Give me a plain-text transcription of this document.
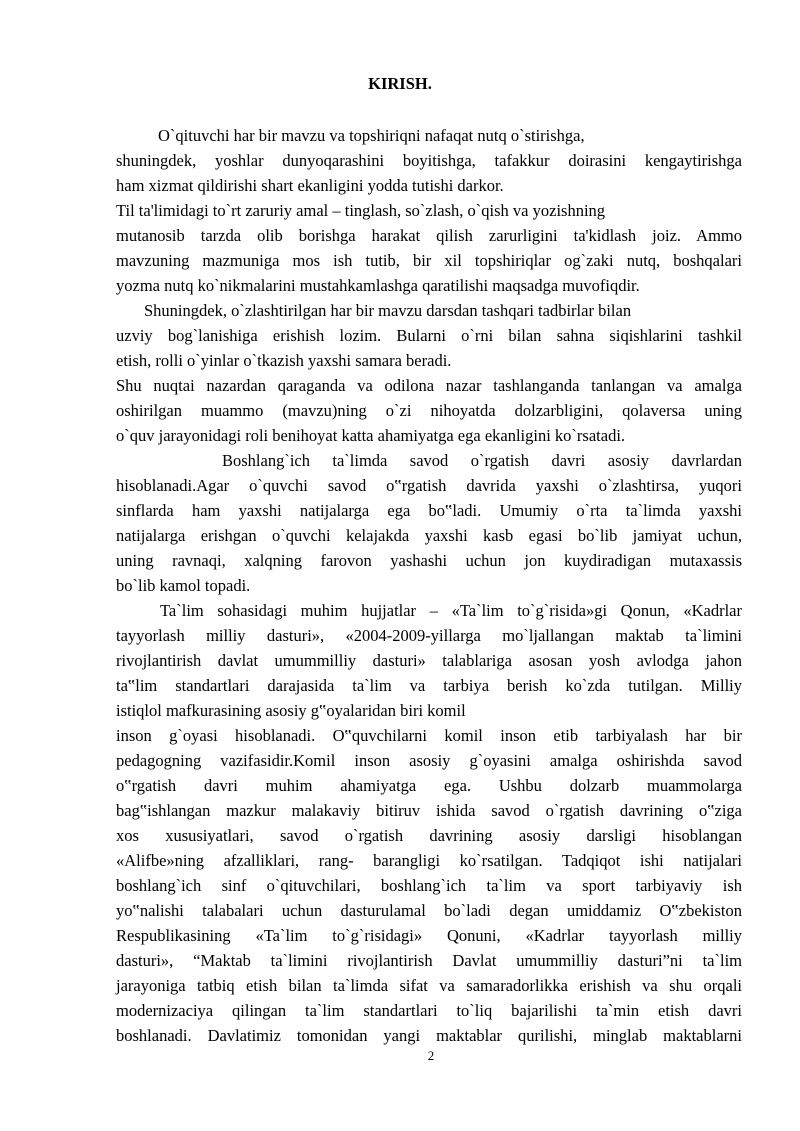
KIRISH.
O`qituvchi har bir mavzu va topshiriqni nafaqat nutq o`stirishga,
shuningdek, yoshlar dunyoqarashini boyitishga, tafakkur doirasini kengaytirishga
ham xizmat qildirishi shart ekanligini yodda tutishi darkor.
Til ta'limidagi to`rt zaruriy amal – tinglash, so`zlash, o`qish va yozishning
mutanosib tarzda olib borishga harakat qilish zarurligini ta'kidlash joiz. Ammo
mavzuning mazmuniga mos ish tutib, bir xil topshiriqlar og`zaki nutq, boshqalari
yozma nutq ko`nikmalarini mustahkamlashga qaratilishi maqsadga muvofiqdir.
Shuningdek, o`zlashtirilgan har bir mavzu darsdan tashqari tadbirlar bilan
uzviy bog`lanishiga erishish lozim. Bularni o`rni bilan sahna siqishlarini tashkil
etish, rolli o`yinlar o`tkazish yaxshi samara beradi.
Shu nuqtai nazardan qaraganda va odilona nazar tashlanganda tanlangan va amalga
oshirilgan muammo (mavzu)ning o`zi nihoyatda dolzarbligini, qolaversa uning
o`quv jarayonidagi roli benihoyat katta ahamiyatga ega ekanligini ko`rsatadi.
Boshlang`ich ta`limda savod o`rgatish davri asosiy davrlardan
hisoblanadi.Agar o`quvchi savod o‟rgatish davrida yaxshi o`zlashtirsa, yuqori
sinflarda ham yaxshi natijalarga ega bo‟ladi. Umumiy o`rta ta`limda yaxshi
natijalarga erishgan o`quvchi kelajakda yaxshi kasb egasi bo`lib jamiyat uchun,
uning ravnaqi, xalqning farovon yashashi uchun jon kuydiradigan mutaxassis
bo`lib kamol topadi.
Ta`lim sohasidagi muhim hujjatlar – «Ta`lim to`g`risida»gi Qonun, «Kadrlar
tayyorlash milliy dasturi», «2004-2009-yillarga mo`ljallangan maktab ta`limini
rivojlantirish davlat umummilliy dasturi» talablariga asosan yosh avlodga jahon
ta‟lim standartlari darajasida ta`lim va tarbiya berish ko`zda tutilgan. Milliy
istiqlol mafkurasining asosiy g‟oyalaridan biri komil
inson g`oyasi hisoblanadi. O‟quvchilarni komil inson etib tarbiyalash har bir
pedagogning vazifasidir.Komil inson asosiy g`oyasini amalga oshirishda savod
o‟rgatish davri muhim ahamiyatga ega. Ushbu dolzarb muammolarga
bag‟ishlangan mazkur malakaviy bitiruv ishida savod o`rgatish davrining o‟ziga
xos xususiyatlari, savod o`rgatish davrining asosiy darsligi hisoblangan
«Alifbe»ning afzalliklari, rang- barangligi ko`rsatilgan. Tadqiqot ishi natijalari
boshlang`ich sinf o`qituvchilari, boshlang`ich ta`lim va sport tarbiyaviy ish
yo‟nalishi talabalari uchun dasturulamal bo`ladi degan umiddamiz O‟zbekiston
Respublikasining «Ta`lim to`g`risidagi» Qonuni, «Kadrlar tayyorlash milliy
dasturi», “Maktab ta`limini rivojlantirish Davlat umummilliy dasturi”ni ta`lim
jarayoniga tatbiq etish bilan ta`limda sifat va samaradorlikka erishish va shu orqali
modernizaciya qilingan ta`lim standartlari to`liq bajarilishi ta`min etish davri
boshlanadi. Davlatimiz tomonidan yangi maktablar qurilishi, minglab maktablarni
2
